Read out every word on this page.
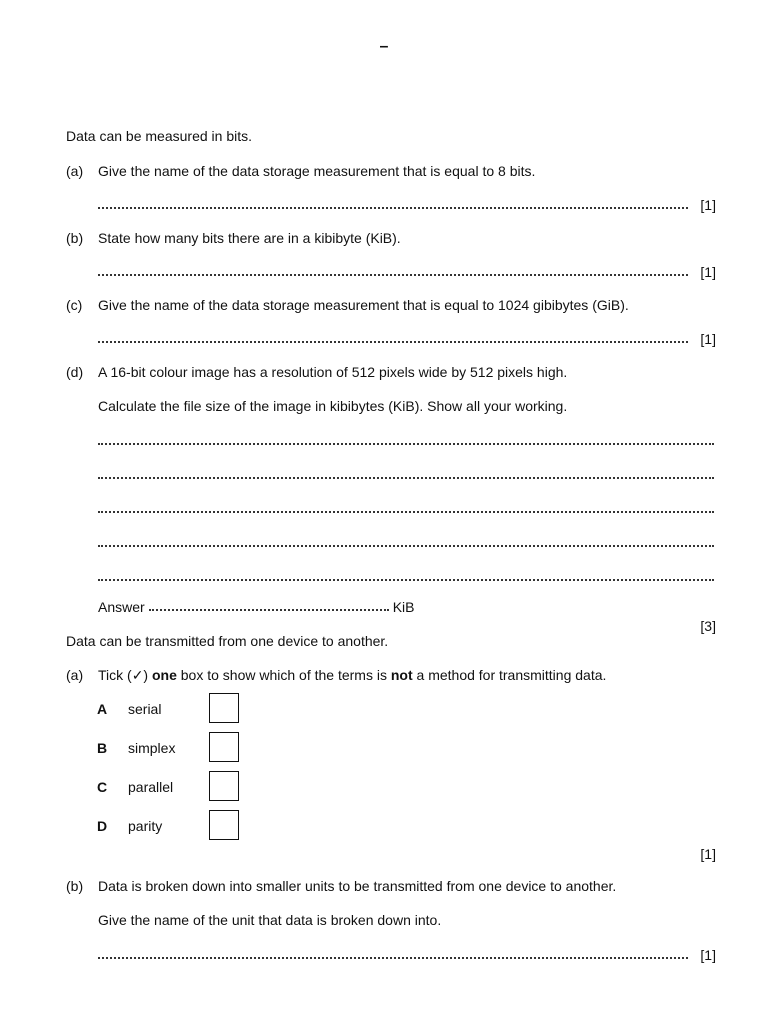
–
Data can be measured in bits.
(a)	Give the name of the data storage measurement that is equal to 8 bits.
[1]
(b)	State how many bits there are in a kibibyte (KiB).
[1]
(c)	Give the name of the data storage measurement that is equal to 1024 gibibytes (GiB).
[1]
(d)	A 16-bit colour image has a resolution of 512 pixels wide by 512 pixels high.
Calculate the file size of the image in kibibytes (KiB). Show all your working.
Answer	KiB
[3]
Data can be transmitted from one device to another.
(a)	Tick (✓) one box to show which of the terms is not a method for transmitting data.
A serial
B simplex
C parallel
D parity
[1]
(b)	Data is broken down into smaller units to be transmitted from one device to another.
Give the name of the unit that data is broken down into.
[1]
